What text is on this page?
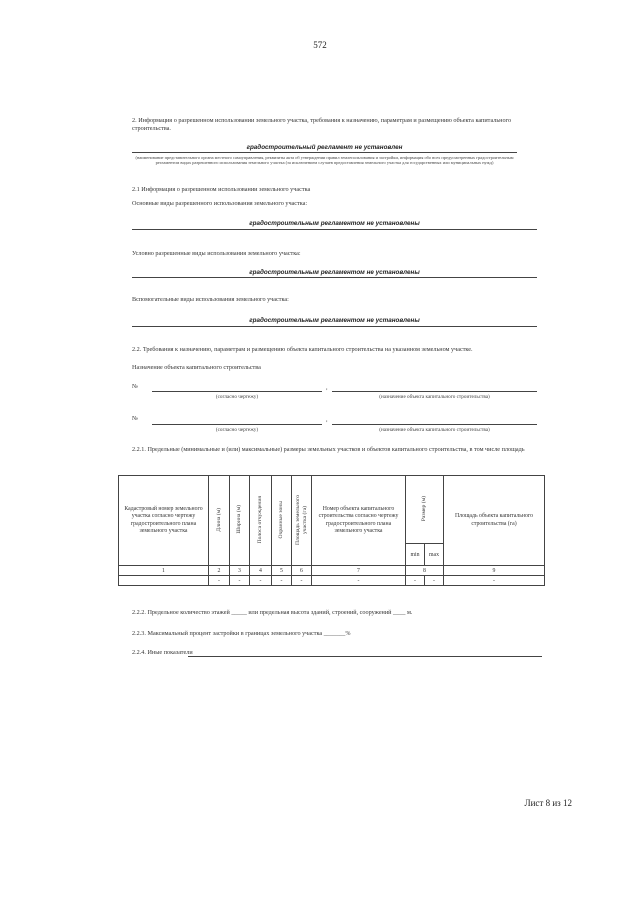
572
2. Информация о разрешенном использовании земельного участка, требования к назначению, параметрам и размещению объекта капитального строительства.
градостроительный регламент не установлен
(наименование представительного органа местного самоуправления, реквизиты акта об утверждении правил землепользования и застройки, информация обо всех предусмотренных градостроительным регламентом видах разрешенного использования земельного участка (за исключением случаев предоставления земельного участка для государственных или муниципальных нужд)
2.1 Информация о разрешенном использовании земельного участка
Основные виды разрешенного использования земельного участка:
градостроительным регламентом не установлены
Условно разрешенные виды использования земельного участка:
градостроительным регламентом не установлены
Вспомогательные виды использования земельного участка:
градостроительным регламентом не установлены
2.2. Требования к назначению, параметрам и размещению объекта капитального строительства на указанном земельном участке.
Назначение объекта капитального строительства
№	,
(согласно чертежу)	(назначение объекта капитального строительства)
№	,
(согласно чертежу)	(назначение объекта капитального строительства)
2.2.1. Предельные (минимальные и (или) максимальные) размеры земельных участков и объектов капитального строительства, в том числе площадь
Кадастровый номер земельного участка согласно чертежу градостроительного плана земельного участка	Длина (м)	Ширина (м)	Полоса отчуждения	Охранные зоны	Площадь земельного участка (га)	Номер объекта капитального строительства согласно чертежу градостроительного плана земельного участка	Размер (м)		Площадь объекта капитального строительства (га)
							min	max	
1	2	3	4	5	6	7	8		9
	-	-	-	-	-	-	-	-	-
2.2.2. Предельное количество этажей _____ или предельная высота зданий, строений, сооружений ____ м.
2.2.3. Максимальный процент застройки в границах земельного участка _______%
2.2.4. Иные показатели
Лист 8 из 12
